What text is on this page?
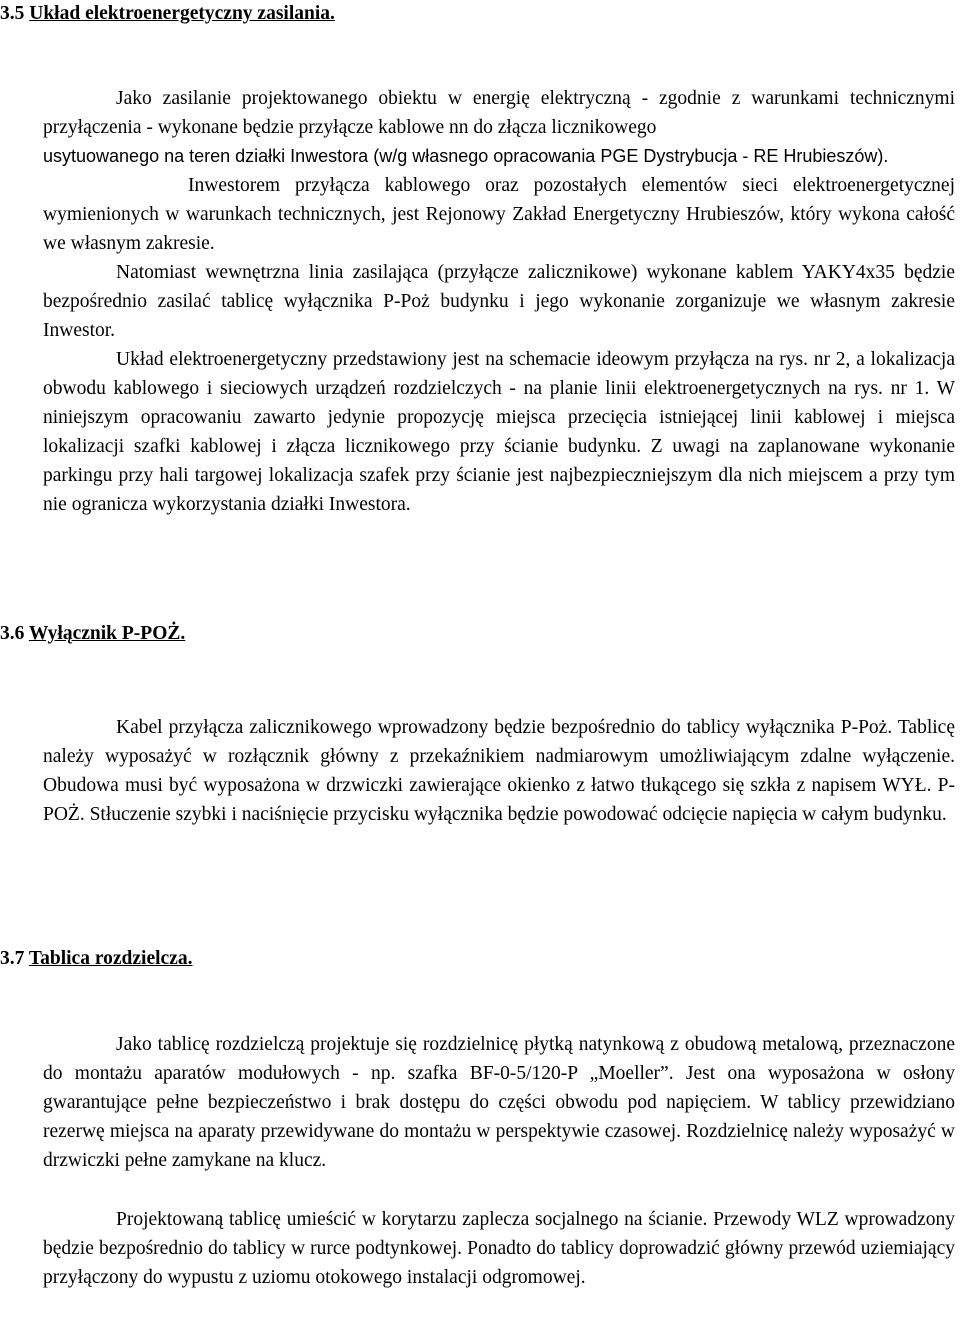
3.5 Układ elektroenergetyczny zasilania.

Jako zasilanie projektowanego obiektu w energię elektryczną - zgodnie z warunkami technicznymi przyłączenia - wykonane będzie przyłącze kablowe nn do złącza licznikowego

usytuowanego na teren działki Inwestora (w/g własnego opracowania PGE Dystrybucja - RE Hrubieszów).

Inwestorem przyłącza kablowego oraz pozostałych elementów sieci elektroenergetycznej wymienionych w warunkach technicznych, jest Rejonowy Zakład Energetyczny Hrubieszów, który wykona całość we własnym zakresie.

Natomiast wewnętrzna linia zasilająca (przyłącze zalicznikowe) wykonane kablem YAKY4x35 będzie bezpośrednio zasilać tablicę wyłącznika P-Poż budynku i jego wykonanie zorganizuje we własnym zakresie Inwestor.

Układ elektroenergetyczny przedstawiony jest na schemacie ideowym przyłącza na rys. nr 2, a lokalizacja obwodu kablowego i sieciowych urządzeń rozdzielczych - na planie linii elektroenergetycznych na rys. nr 1. W niniejszym opracowaniu zawarto jedynie propozycję miejsca przecięcia istniejącej linii kablowej i miejsca lokalizacji szafki kablowej i złącza licznikowego przy ścianie budynku. Z uwagi na zaplanowane wykonanie parkingu przy hali targowej lokalizacja szafek przy ścianie jest najbezpieczniejszym dla nich miejscem a przy tym nie ogranicza wykorzystania działki Inwestora.

3.6 Wyłącznik P-POŻ.

Kabel przyłącza zalicznikowego wprowadzony będzie bezpośrednio do tablicy wyłącznika P-Poż. Tablicę należy wyposażyć w rozłącznik główny z przekaźnikiem nadmiarowym umożliwiającym zdalne wyłączenie. Obudowa musi być wyposażona w drzwiczki zawierające okienko z łatwo tłukącego się szkła z napisem WYŁ. P-POŻ. Stłuczenie szybki i naciśnięcie przycisku wyłącznika będzie powodować odcięcie napięcia w całym budynku.

3.7 Tablica rozdzielcza.

Jako tablicę rozdzielczą projektuje się rozdzielnicę płytką natynkową z obudową metalową, przeznaczone do montażu aparatów modułowych - np. szafka BF-0-5/120-P „Moeller”. Jest ona wyposażona w osłony gwarantujące pełne bezpieczeństwo i brak dostępu do części obwodu pod napięciem. W tablicy przewidziano rezerwę miejsca na aparaty przewidywane do montażu w perspektywie czasowej. Rozdzielnicę należy wyposażyć w drzwiczki pełne zamykane na klucz.

Projektowaną tablicę umieścić w korytarzu zaplecza socjalnego na ścianie. Przewody WLZ wprowadzony będzie bezpośrednio do tablicy w rurce podtynkowej. Ponadto do tablicy doprowadzić główny przewód uziemiający przyłączony do wypustu z uziomu otokowego instalacji odgromowej.
